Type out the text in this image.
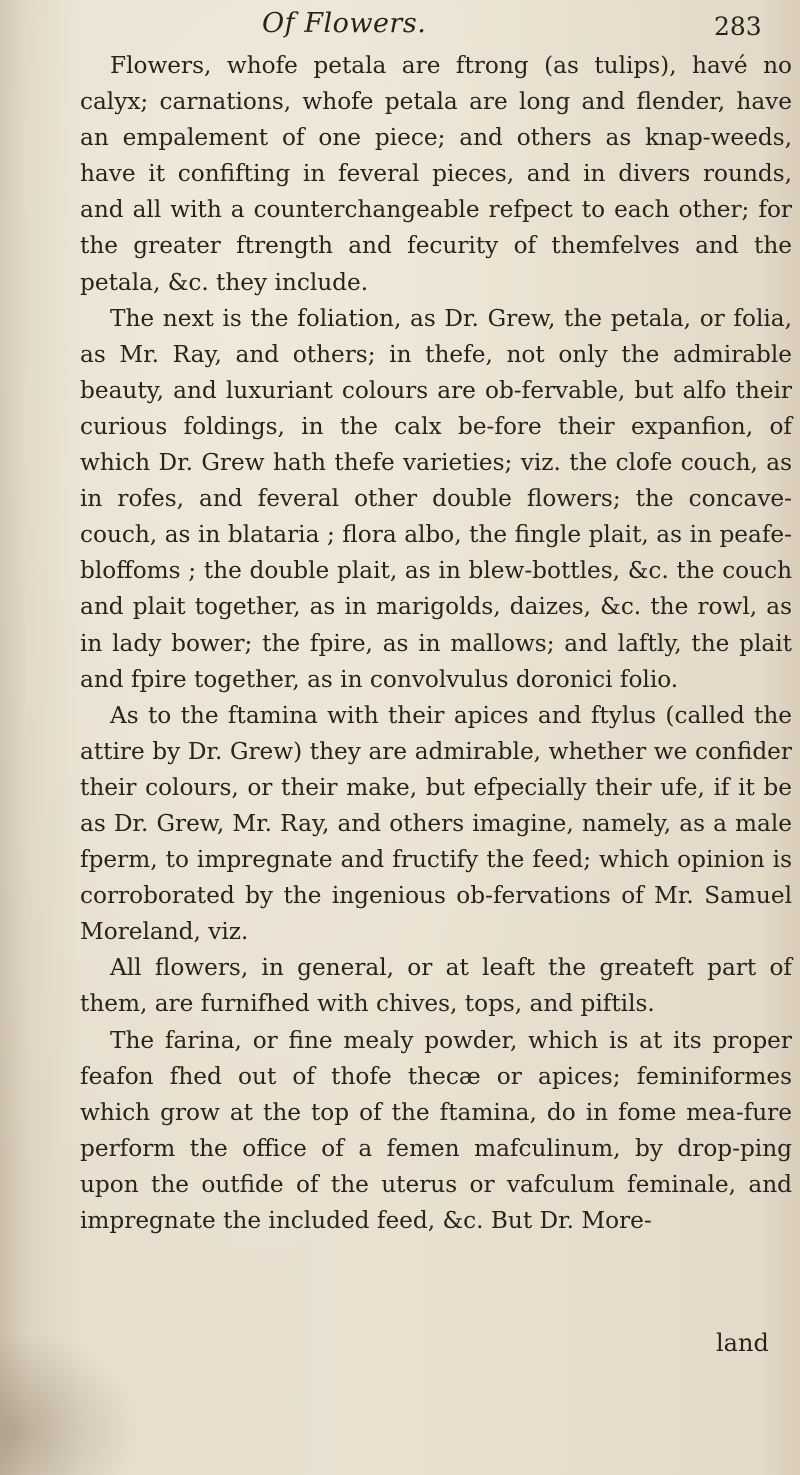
Of Flowers.	283

Flowers, whofe petala are ftrong (as tulips), havé no calyx; carnations, whofe petala are long and flender, have an empalement of one piece; and others as knap-weeds, have it confifting in feveral pieces, and in divers rounds, and all with a counterchangeable refpect to each other; for the greater ftrength and fecurity of themfelves and the petala, &c. they include.

The next is the foliation, as Dr. Grew, the petala, or folia, as Mr. Ray, and others; in thefe, not only the admirable beauty, and luxuriant colours are ob-fervable, but alfo their curious foldings, in the calx be-fore their expanfion, of which Dr. Grew hath thefe varieties; viz. the clofe couch, as in rofes, and feveral other double flowers; the concave-couch, as in blataria ; flora albo, the fingle plait, as in peafe-bloffoms ; the double plait, as in blew-bottles, &c. the couch and plait together, as in marigolds, daizes, &c. the rowl, as in lady bower; the fpire, as in mallows; and laftly, the plait and fpire together, as in convolvulus doronici folio.

As to the ftamina with their apices and ftylus (called the attire by Dr. Grew) they are admirable, whether we confider their colours, or their make, but efpecially their ufe, if it be as Dr. Grew, Mr. Ray, and others imagine, namely, as a male fperm, to impregnate and fructify the feed; which opinion is corroborated by the ingenious ob-fervations of Mr. Samuel Moreland, viz.

All flowers, in general, or at leaft the greateft part of them, are furnifhed with chives, tops, and piftils.

The farina, or fine mealy powder, which is at its proper feafon fhed out of thofe thecæ or apices; feminiformes which grow at the top of the ftamina, do in fome mea-fure perform the office of a femen mafculinum, by drop-ping upon the outfide of the uterus or vafculum feminale, and impregnate the included feed, &c. But Dr. More-

land
